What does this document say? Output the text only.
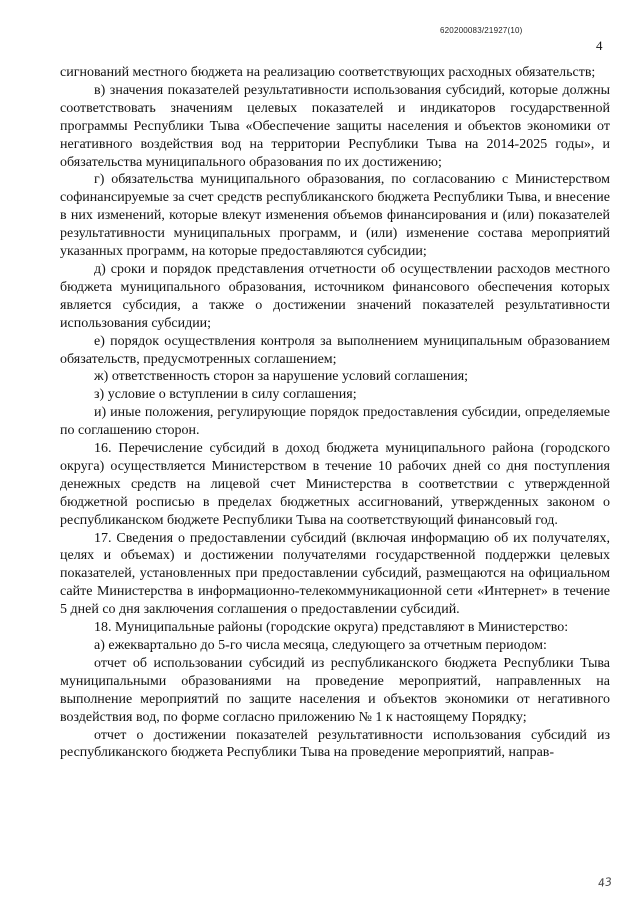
620200083/21927(10)
4

сигнований местного бюджета на реализацию соответствующих расходных обязательств;

в) значения показателей результативности использования субсидий, которые должны соответствовать значениям целевых показателей и индикаторов государственной программы Республики Тыва «Обеспечение защиты населения и объектов экономики от негативного воздействия вод на территории Республики Тыва на 2014-2025 годы», и обязательства муниципального образования по их достижению;

г) обязательства муниципального образования, по согласованию с Министерством софинансируемые за счет средств республиканского бюджета Республики Тыва, и внесение в них изменений, которые влекут изменения объемов финансирования и (или) показателей результативности муниципальных программ, и (или) изменение состава мероприятий указанных программ, на которые предоставляются субсидии;

д) сроки и порядок представления отчетности об осуществлении расходов местного бюджета муниципального образования, источником финансового обеспечения которых является субсидия, а также о достижении значений показателей результативности использования субсидии;

е) порядок осуществления контроля за выполнением муниципальным образованием обязательств, предусмотренных соглашением;

ж) ответственность сторон за нарушение условий соглашения;

з) условие о вступлении в силу соглашения;

и) иные положения, регулирующие порядок предоставления субсидии, определяемые по соглашению сторон.

16. Перечисление субсидий в доход бюджета муниципального района (городского округа) осуществляется Министерством в течение 10 рабочих дней со дня поступления денежных средств на лицевой счет Министерства в соответствии с утвержденной бюджетной росписью в пределах бюджетных ассигнований, утвержденных законом о республиканском бюджете Республики Тыва на соответствующий финансовый год.

17. Сведения о предоставлении субсидий (включая информацию об их получателях, целях и объемах) и достижении получателями государственной поддержки целевых показателей, установленных при предоставлении субсидий, размещаются на официальном сайте Министерства в информационно-телекоммуникационной сети «Интернет» в течение 5 дней со дня заключения соглашения о предоставлении субсидий.

18. Муниципальные районы (городские округа) представляют в Министерство:

а) ежеквартально до 5-го числа месяца, следующего за отчетным периодом:

отчет об использовании субсидий из республиканского бюджета Республики Тыва муниципальными образованиями на проведение мероприятий, направленных на выполнение мероприятий по защите населения и объектов экономики от негативного воздействия вод, по форме согласно приложению № 1 к настоящему Порядку;

отчет о достижении показателей результативности использования субсидий из республиканского бюджета Республики Тыва на проведение мероприятий, направ-

43
